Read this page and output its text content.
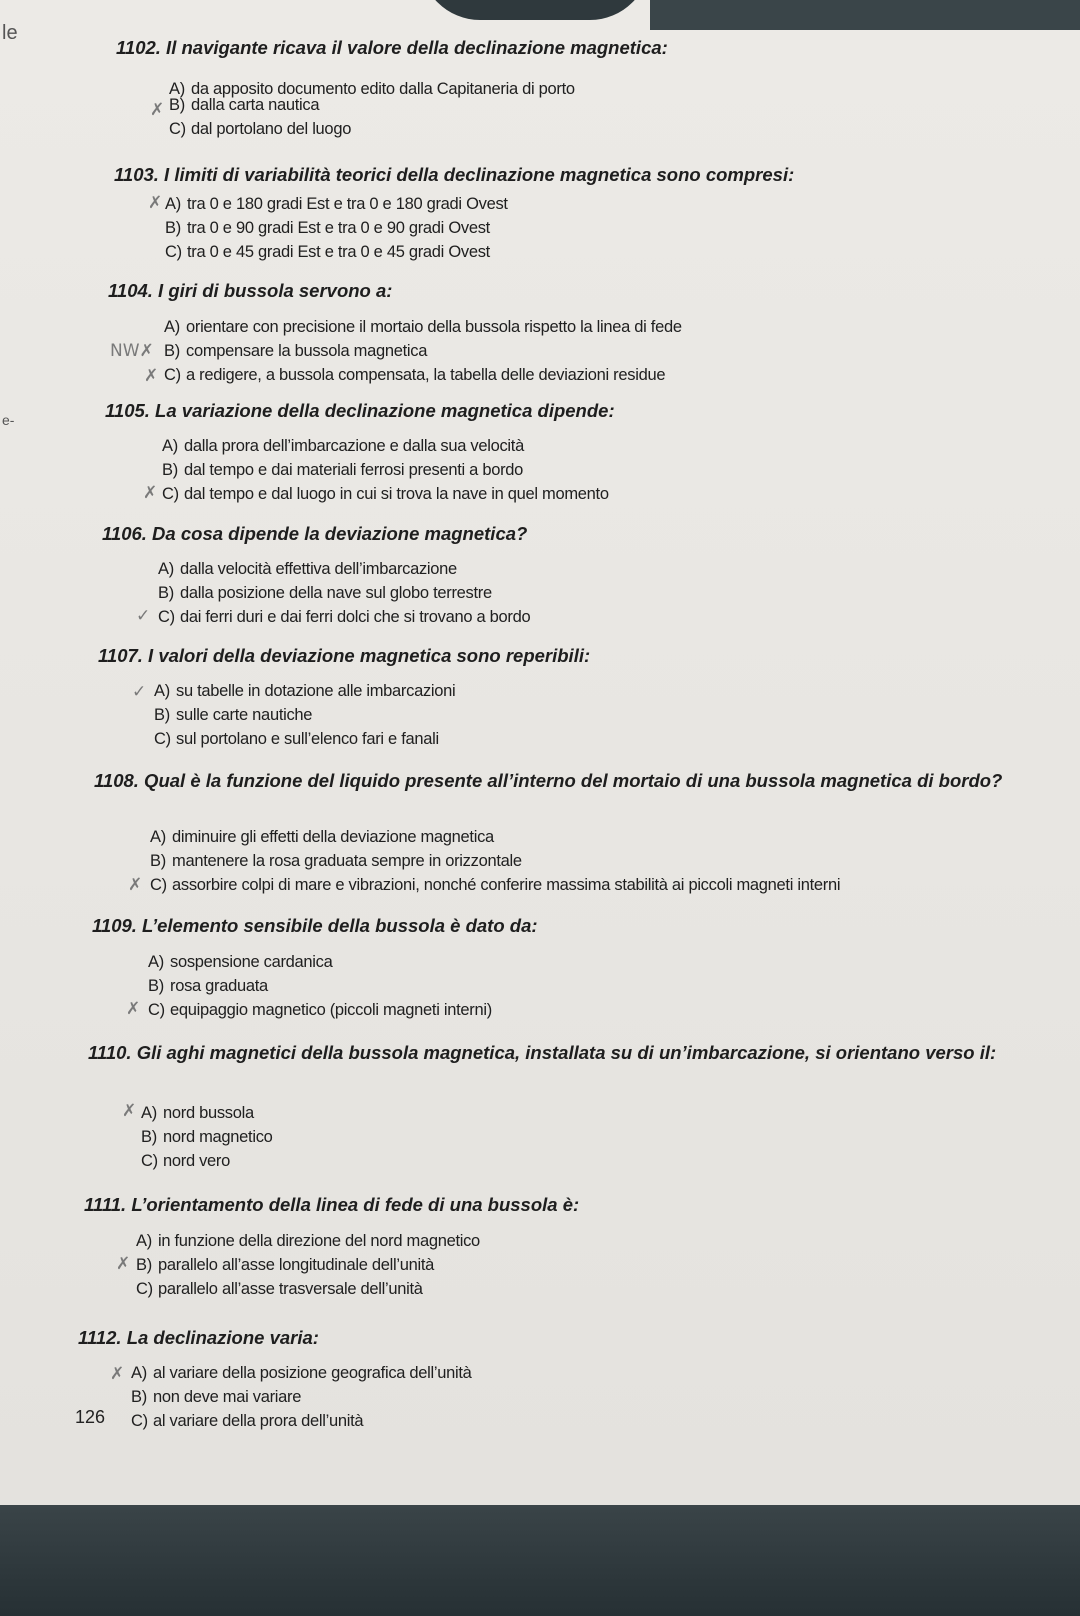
le
e-
1102. Il navigante ricava il valore della declinazione magnetica:
A) da apposito documento edito dalla Capitaneria di porto
✗ B) dalla carta nautica
C) dal portolano del luogo
1103. I limiti di variabilità teorici della declinazione magnetica sono compresi:
✗ A) tra 0 e 180 gradi Est e tra 0 e 180 gradi Ovest
B) tra 0 e 90 gradi Est e tra 0 e 90 gradi Ovest
C) tra 0 e 45 gradi Est e tra 0 e 45 gradi Ovest
1104. I giri di bussola servono a:
A) orientare con precisione il mortaio della bussola rispetto la linea di fede
NW✗ B) compensare la bussola magnetica
✗ C) a redigere, a bussola compensata, la tabella delle deviazioni residue
1105. La variazione della declinazione magnetica dipende:
A) dalla prora dell’imbarcazione e dalla sua velocità
B) dal tempo e dai materiali ferrosi presenti a bordo
✗ C) dal tempo e dal luogo in cui si trova la nave in quel momento
1106. Da cosa dipende la deviazione magnetica?
A) dalla velocità effettiva dell’imbarcazione
B) dalla posizione della nave sul globo terrestre
✓ C) dai ferri duri e dai ferri dolci che si trovano a bordo
1107. I valori della deviazione magnetica sono reperibili:
✓ A) su tabelle in dotazione alle imbarcazioni
B) sulle carte nautiche
C) sul portolano e sull’elenco fari e fanali
1108. Qual è la funzione del liquido presente all’interno del mortaio di una bussola magnetica di bordo?
A) diminuire gli effetti della deviazione magnetica
B) mantenere la rosa graduata sempre in orizzontale
✗ C) assorbire colpi di mare e vibrazioni, nonché conferire massima stabilità ai piccoli magneti interni
1109. L’elemento sensibile della bussola è dato da:
A) sospensione cardanica
B) rosa graduata
✗ C) equipaggio magnetico (piccoli magneti interni)
1110. Gli aghi magnetici della bussola magnetica, installata su di un’imbarcazione, si orientano verso il:
✗ A) nord bussola
B) nord magnetico
C) nord vero
1111. L’orientamento della linea di fede di una bussola è:
A) in funzione della direzione del nord magnetico
✗ B) parallelo all’asse longitudinale dell’unità
C) parallelo all’asse trasversale dell’unità
1112. La declinazione varia:
✗ A) al variare della posizione geografica dell’unità
B) non deve mai variare
C) al variare della prora dell’unità
126
